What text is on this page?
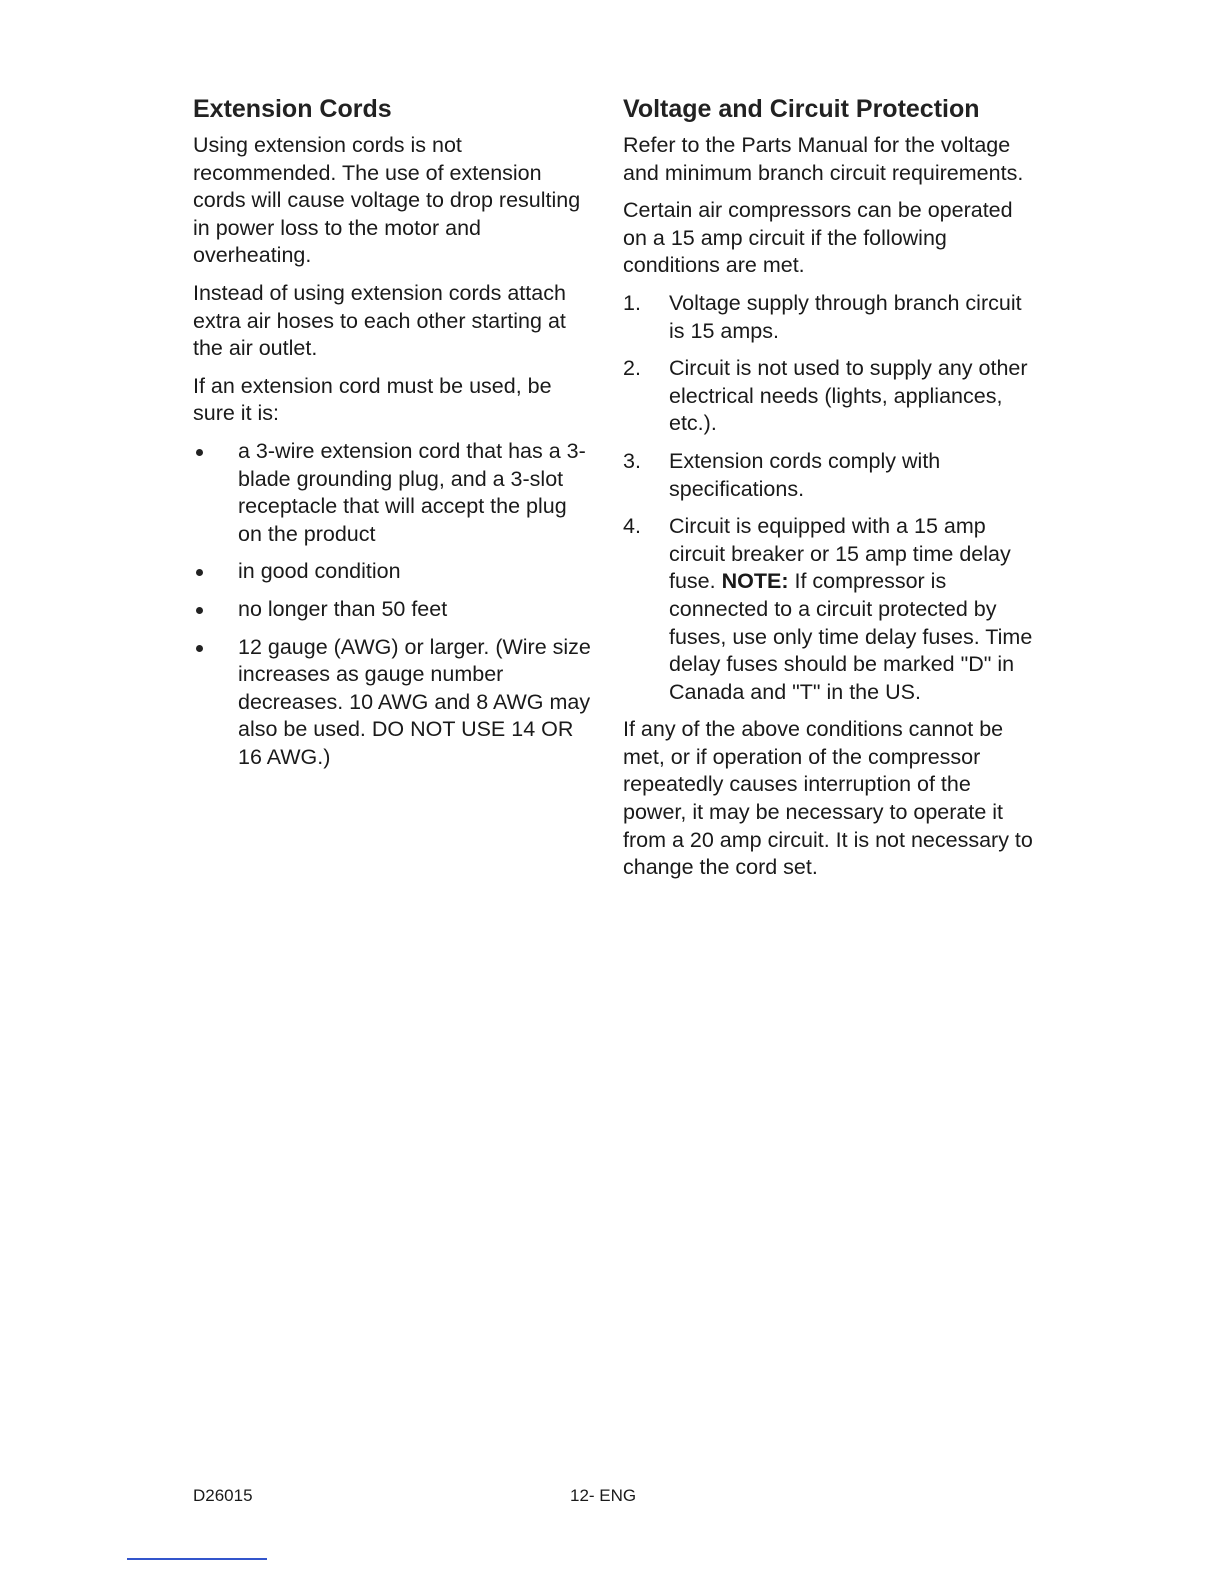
Extension Cords

Using extension cords is not recommended. The use of extension cords will cause voltage to drop resulting in power loss to the motor and overheating.

Instead of using extension cords attach extra air hoses to each other starting at the air outlet.

If an extension cord must be used, be sure it is:

a 3-wire extension cord that has a 3-blade grounding plug, and a 3-slot receptacle that will accept the plug on the product
in good condition
no longer than 50 feet
12 gauge (AWG) or larger. (Wire size increases as gauge number decreases. 10 AWG and 8 AWG may also be used. DO NOT USE 14 OR 16 AWG.)
Voltage and Circuit Protection

Refer to the Parts Manual for the voltage and minimum branch circuit requirements.

Certain air compressors can be operated on a 15 amp circuit if the following conditions are met.

1. Voltage supply through branch circuit is 15 amps.
2. Circuit is not used to supply any other electrical needs (lights, appliances, etc.).
3. Extension cords comply with specifications.
4. Circuit is equipped with a 15 amp circuit breaker or 15 amp time delay fuse. NOTE: If compressor is connected to a circuit protected by fuses, use only time delay fuses. Time delay fuses should be marked "D" in Canada and "T" in the US.

If any of the above conditions cannot be met, or if operation of the compressor repeatedly causes interruption of the power, it may be necessary to operate it from a 20 amp circuit. It is not necessary to change the cord set.

D26015	12- ENG
